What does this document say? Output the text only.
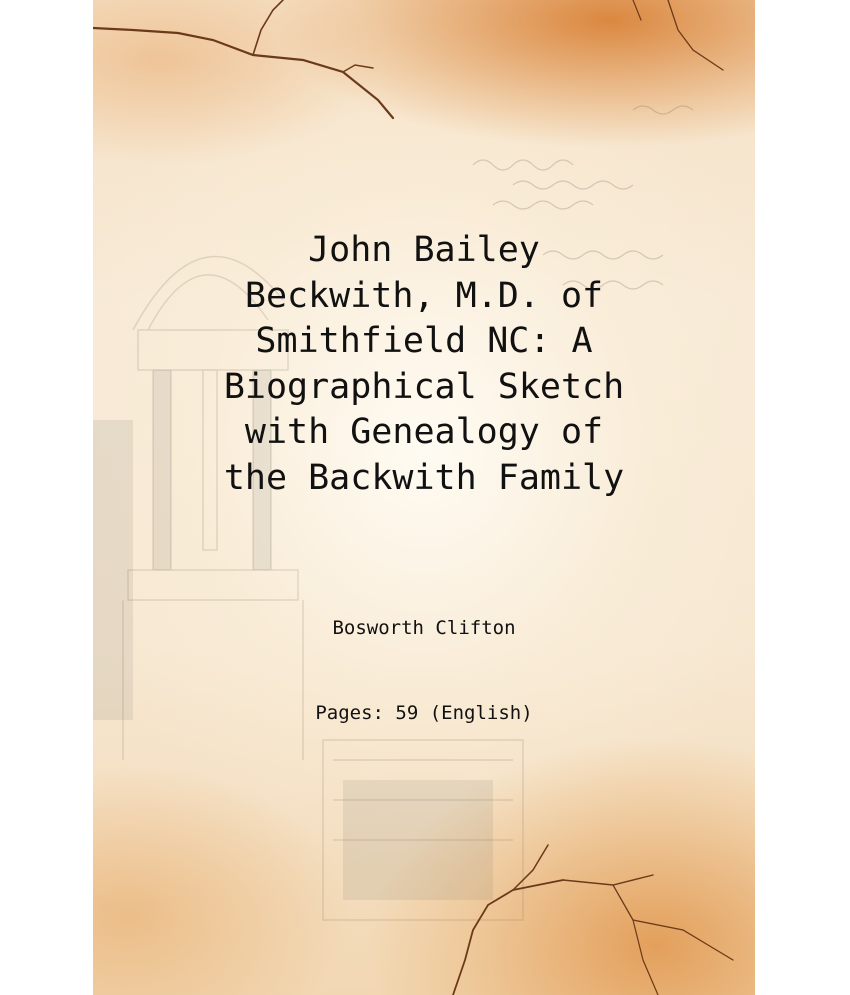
John Bailey
Beckwith, M.D. of
Smithfield NC: A
Biographical Sketch
with Genealogy of
the Backwith Family
Bosworth Clifton
Pages: 59 (English)
